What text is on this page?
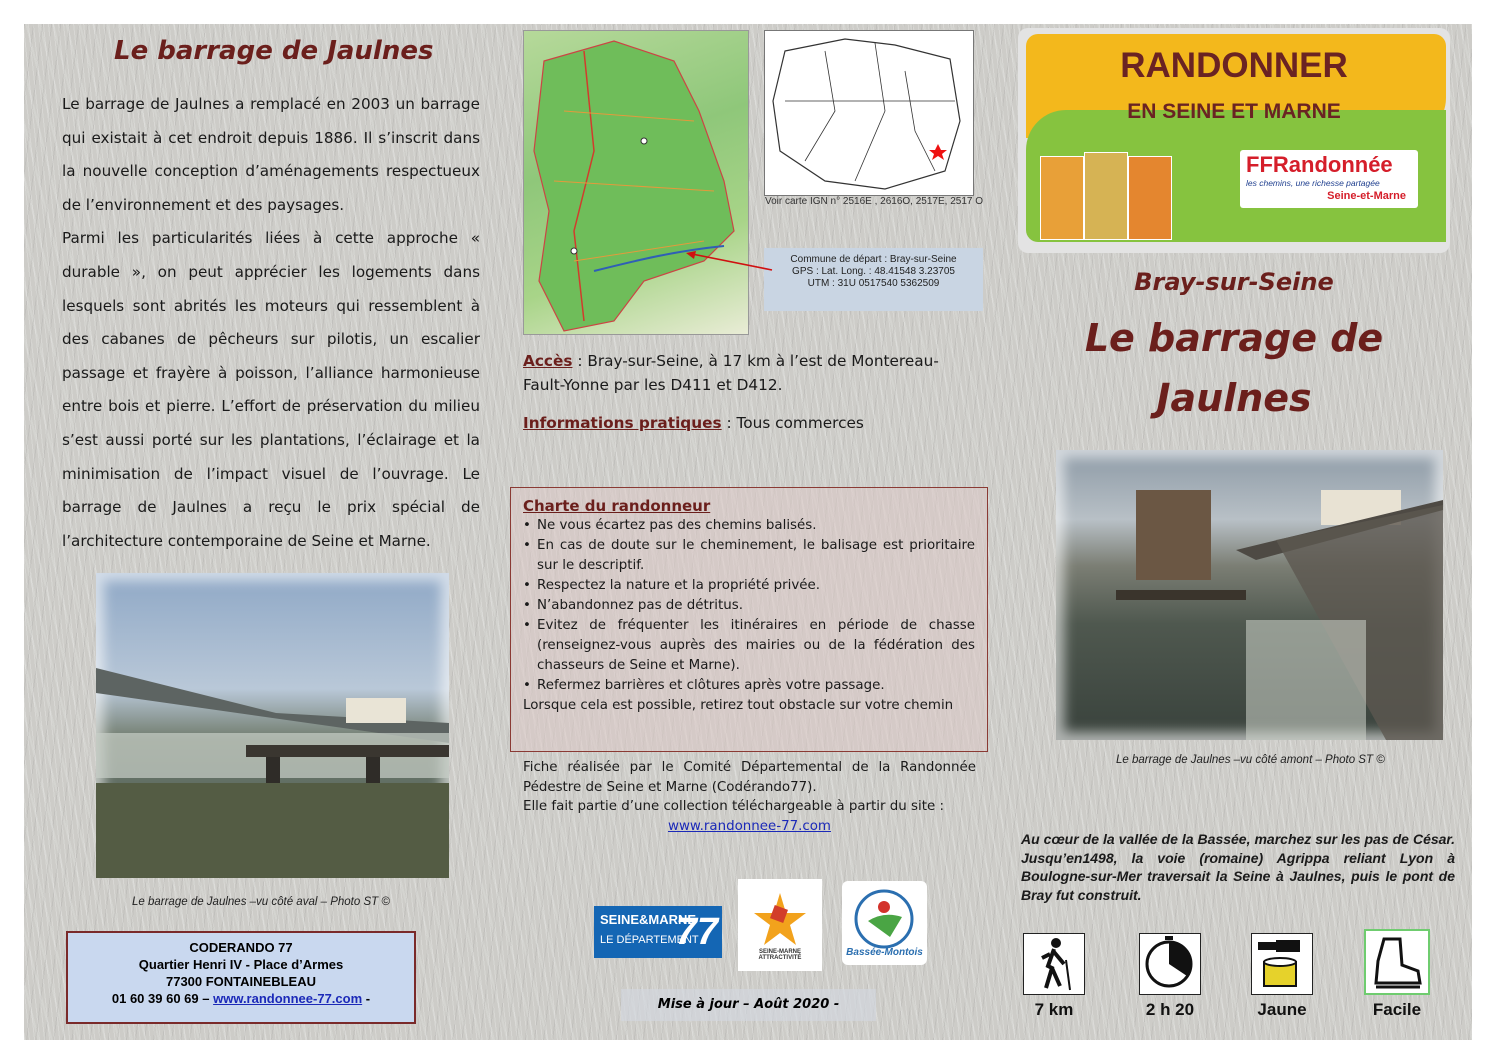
Le barrage de Jaulnes

Le barrage de Jaulnes a remplacé en 2003 un barrage qui existait à cet endroit depuis 1886. Il s’inscrit dans la nouvelle conception d’aménagements respectueux de l’environnement et des paysages.

Parmi les particularités liées à cette approche « durable », on peut apprécier les logements dans lesquels sont abrités les moteurs qui ressemblent à des cabanes de pêcheurs sur pilotis, un escalier passage et frayère à poisson, l’alliance harmonieuse entre bois et pierre. L’effort de préservation du milieu s’est aussi porté sur les plantations, l’éclairage et la minimisation de l’impact visuel de l’ouvrage. Le barrage de Jaulnes a reçu le prix spécial de l’architecture contemporaine de Seine et Marne.

Le barrage de Jaulnes –vu côté aval – Photo ST ©
CODERANDO 77
Quartier Henri IV - Place d’Armes
77300 FONTAINEBLEAU
01 60 39 60 69 – www.randonnee-77.com -
Voir carte IGN n° 2516E , 2616O, 2517E, 2517 O
Commune de départ : Bray-sur-Seine
GPS : Lat. Long. : 48.41548 3.23705
UTM : 31U 0517540 5362509
Accès : Bray-sur-Seine, à 17 km à l’est de Montereau-Fault-Yonne par les D411 et D412.
Informations pratiques : Tous commerces
Charte du randonneur
• Ne vous écartez pas des chemins balisés.
• En cas de doute sur le cheminement, le balisage est prioritaire sur le descriptif.
• Respectez la nature et la propriété privée.
• N’abandonnez pas de détritus.
• Evitez de fréquenter les itinéraires en période de chasse (renseignez-vous auprès des mairies ou de la fédération des chasseurs de Seine et Marne).
• Refermez barrières et clôtures après votre passage.
Lorsque cela est possible, retirez tout obstacle sur votre chemin
Fiche réalisée par le Comité Départemental de la Randonnée Pédestre de Seine et Marne (Codérando77).
Elle fait partie d’une collection téléchargeable à partir du site :
www.randonnee-77.com
SEINE&MARNE
LE DÉPARTEMENT
77	SEINE-MARNE ATTRACTIVITÉ	Bassée-Montois
Mise à jour – Août 2020 -
RANDONNER
EN SEINE ET MARNE
FFRandonnée
les chemins, une richesse partagée
Seine-et-Marne
Bray-sur-Seine
Le barrage de
Jaulnes
Le barrage de Jaulnes –vu côté amont – Photo ST ©
Au cœur de la vallée de la Bassée, marchez sur les pas de César. Jusqu’en1498, la voie (romaine) Agrippa reliant Lyon à Boulogne-sur-Mer traversait la Seine à Jaulnes, puis le pont de Bray fut construit.
7 km	2 h 20	Jaune	Facile
